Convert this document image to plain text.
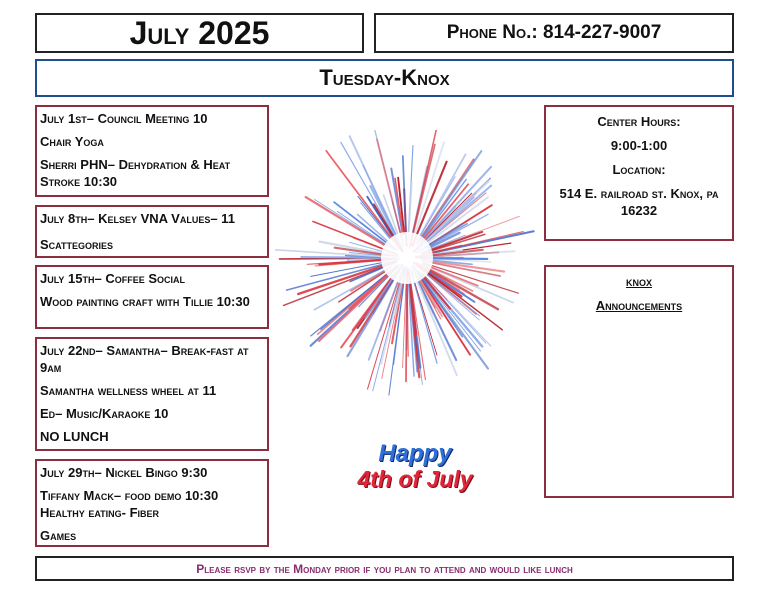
July 2025	Phone No.: 814-227-9007
Tuesday-Knox

July 1st– Council Meeting 10

Chair Yoga

Sherri PHN– Dehydration & Heat Stroke 10:30

July 8th– Kelsey VNA Values– 11

Scattegories

July 15th– Coffee Social

Wood painting craft with Tillie 10:30

July 22nd– Samantha– Break-fast at 9am

Samantha wellness wheel at 11

Ed– Music/Karaoke 10

NO LUNCH

July 29th– Nickel Bingo 9:30

Tiffany Mack– food demo 10:30

Healthy eating- Fiber

Games

Center Hours:

9:00-1:00

Location:

514 E. railroad st. Knox, pa 16232

knox

Announcements

Happy
4th of July
Please rsvp by the Monday prior if you plan to attend and would like lunch
